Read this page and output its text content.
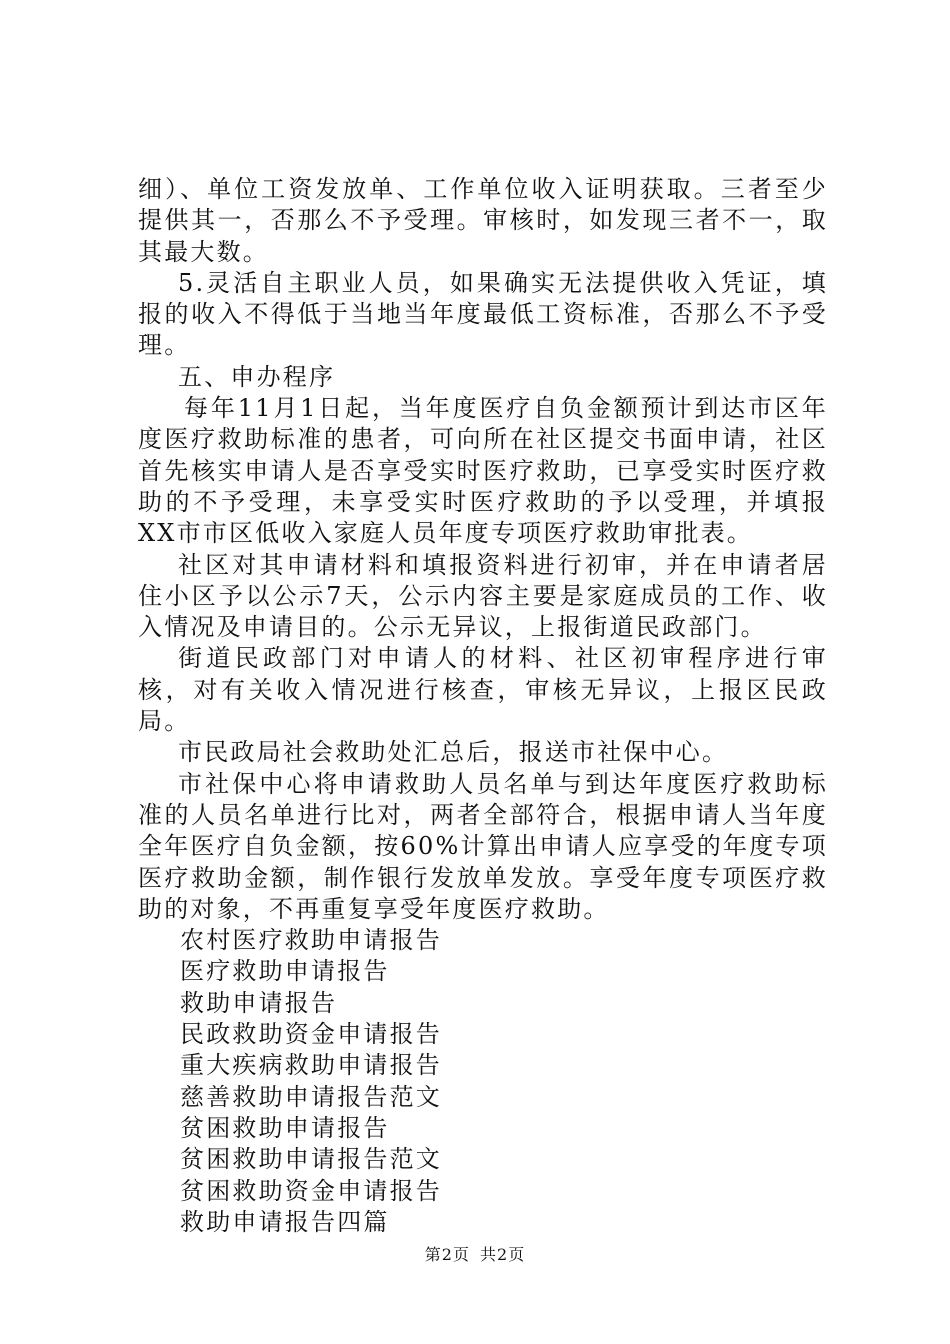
细）、单位工资发放单、工作单位收入证明获取。三者至少提供其一，否那么不予受理。审核时，如发现三者不一，取其最大数。

5.灵活自主职业人员，如果确实无法提供收入凭证，填报的收入不得低于当地当年度最低工资标准，否那么不予受理。

五、申办程序

每年11月1日起，当年度医疗自负金额预计到达市区年度医疗救助标准的患者，可向所在社区提交书面申请，社区首先核实申请人是否享受实时医疗救助，已享受实时医疗救助的不予受理，未享受实时医疗救助的予以受理，并填报XX市市区低收入家庭人员年度专项医疗救助审批表。

社区对其申请材料和填报资料进行初审，并在申请者居住小区予以公示7天，公示内容主要是家庭成员的工作、收入情况及申请目的。公示无异议，上报街道民政部门。

街道民政部门对申请人的材料、社区初审程序进行审核，对有关收入情况进行核查，审核无异议，上报区民政局。

市民政局社会救助处汇总后，报送市社保中心。

市社保中心将申请救助人员名单与到达年度医疗救助标准的人员名单进行比对，两者全部符合，根据申请人当年度全年医疗自负金额，按60%计算出申请人应享受的年度专项医疗救助金额，制作银行发放单发放。享受年度专项医疗救助的对象，不再重复享受年度医疗救助。

农村医疗救助申请报告

医疗救助申请报告

救助申请报告

民政救助资金申请报告

重大疾病救助申请报告

慈善救助申请报告范文

贫困救助申请报告

贫困救助申请报告范文

贫困救助资金申请报告

救助申请报告四篇

第2页 共2页
